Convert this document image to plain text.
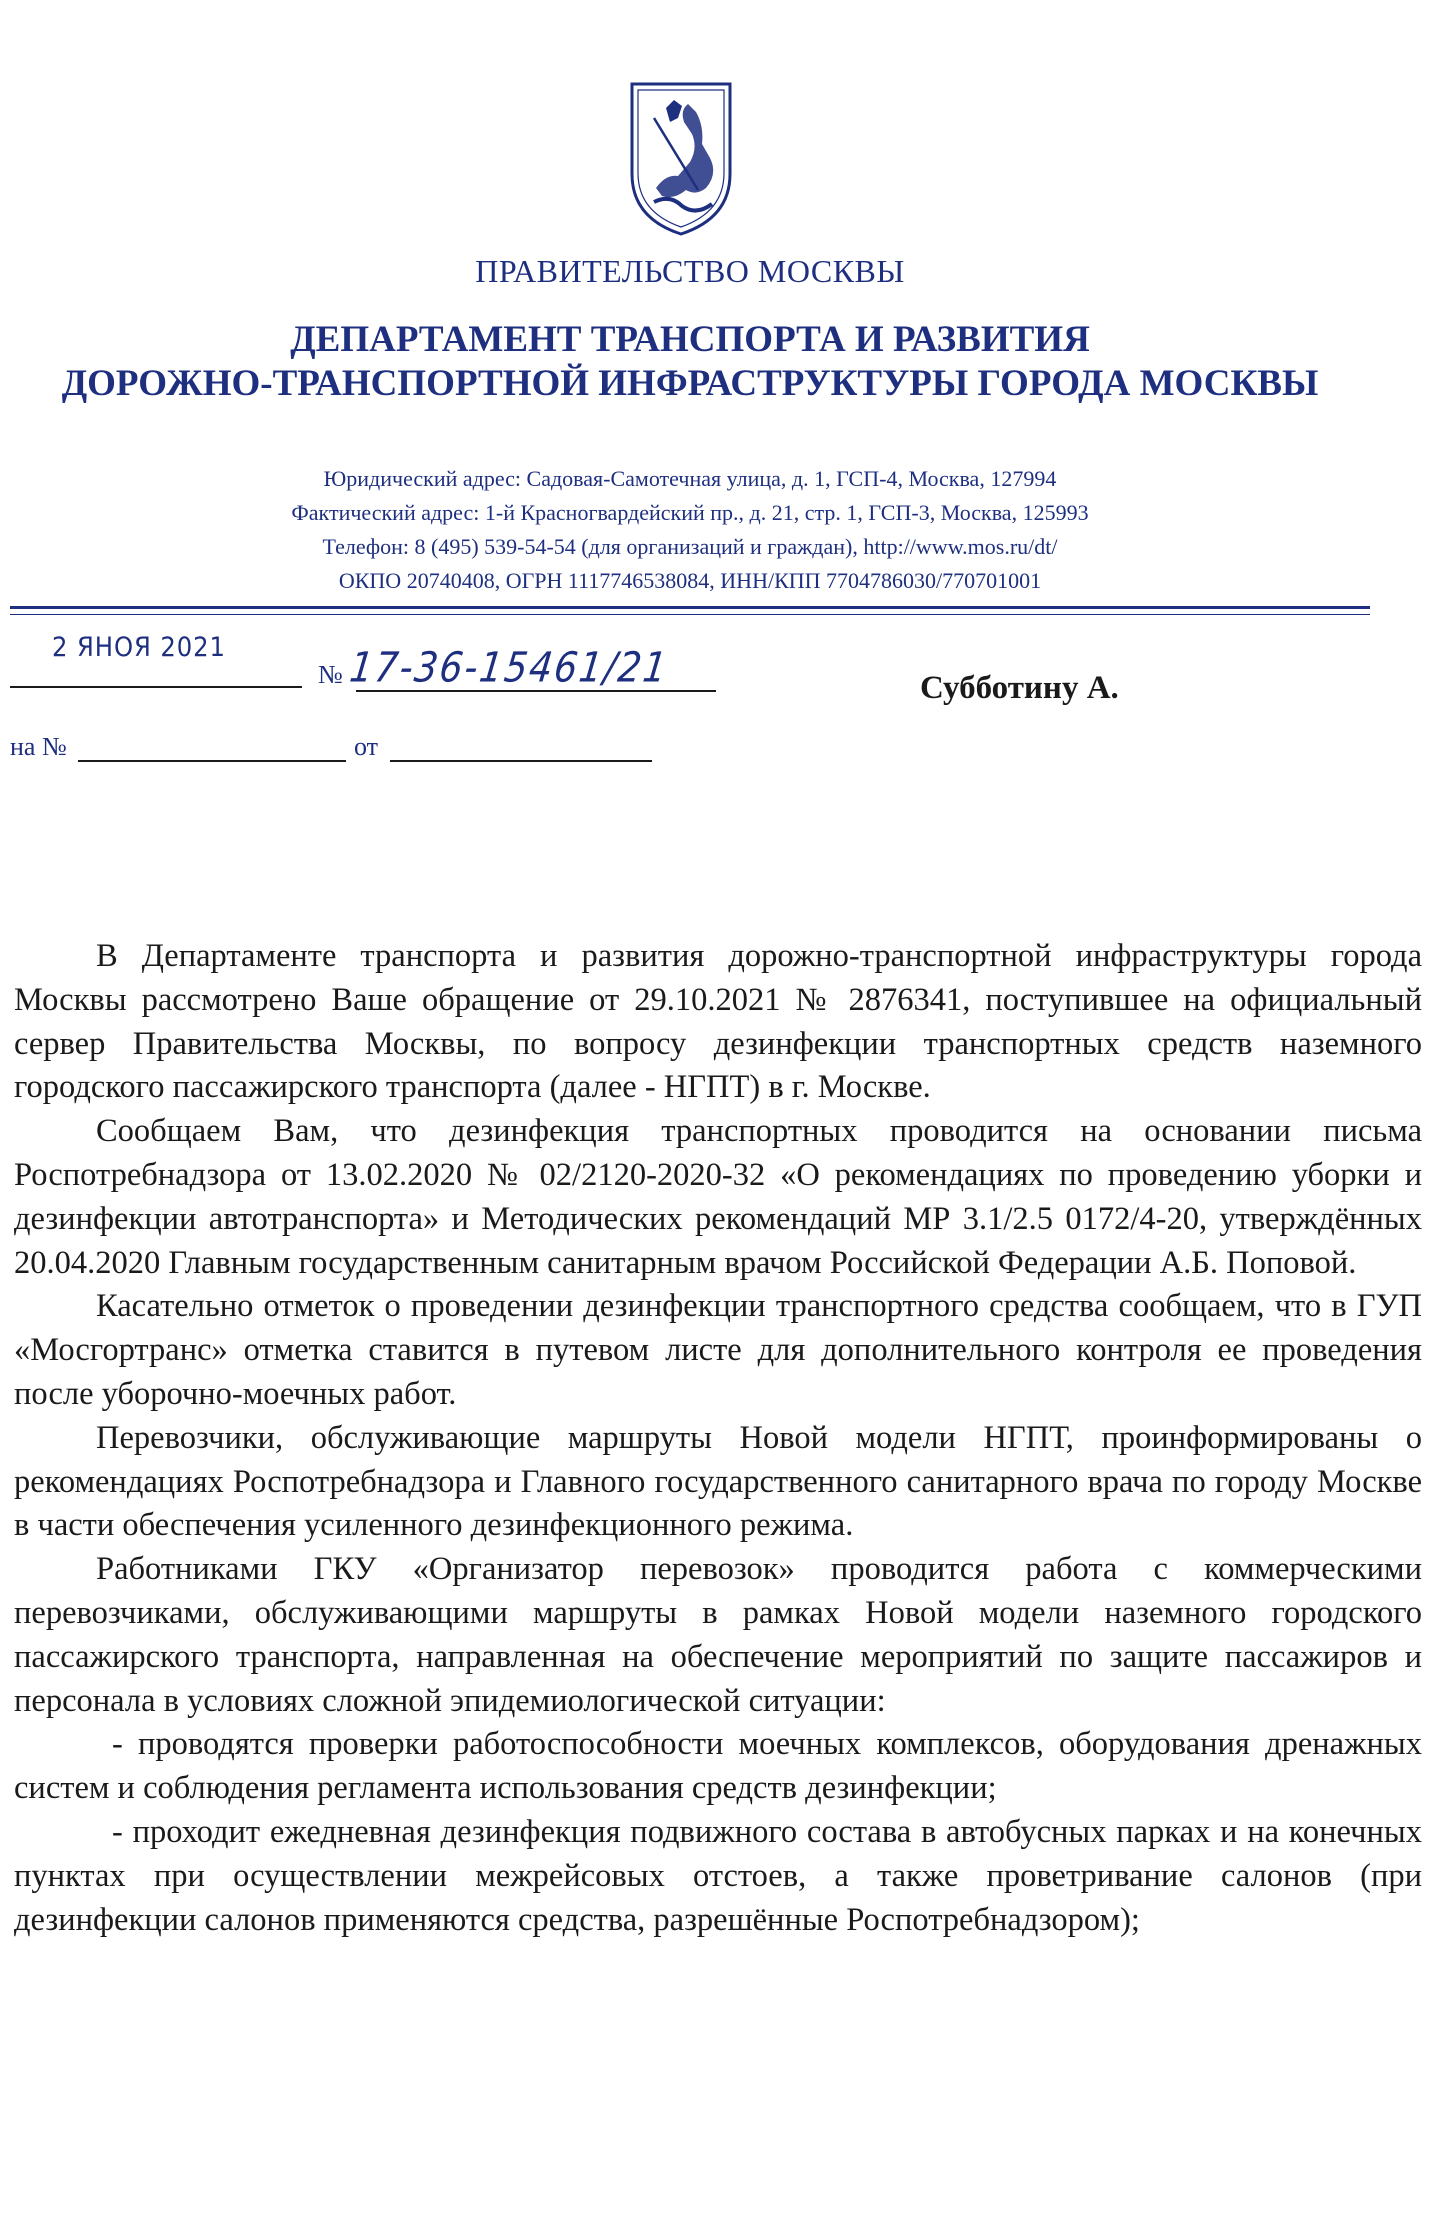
ПРАВИТЕЛЬСТВО МОСКВЫ
ДЕПАРТАМЕНТ ТРАНСПОРТА И РАЗВИТИЯ
ДОРОЖНО-ТРАНСПОРТНОЙ ИНФРАСТРУКТУРЫ ГОРОДА МОСКВЫ
Юридический адрес: Садовая-Самотечная улица, д. 1, ГСП-4, Москва, 127994
Фактический адрес: 1-й Красногвардейский пр., д. 21, стр. 1, ГСП-3, Москва, 125993
Телефон: 8 (495) 539-54-54 (для организаций и граждан), http://www.mos.ru/dt/
ОКПО 20740408, ОГРН 1117746538084, ИНН/КПП 7704786030/770701001
2 ЯНОЯ 2021
№ 17-36-15461/21
на №	от
Субботину А.

В Департаменте транспорта и развития дорожно-транспортной инфраструктуры города Москвы рассмотрено Ваше обращение от 29.10.2021 № 2876341, поступившее на официальный сервер Правительства Москвы, по вопросу дезинфекции транспортных средств наземного городского пассажирского транспорта (далее - НГПТ) в г. Москве.

Сообщаем Вам, что дезинфекция транспортных проводится на основании письма Роспотребнадзора от 13.02.2020 № 02/2120-2020-32 «О рекомендациях по проведению уборки и дезинфекции автотранспорта» и Методических рекомендаций МР 3.1/2.5 0172/4-20, утверждённых 20.04.2020 Главным государственным санитарным врачом Российской Федерации А.Б. Поповой.

Касательно отметок о проведении дезинфекции транспортного средства сообщаем, что в ГУП «Мосгортранс» отметка ставится в путевом листе для дополнительного контроля ее проведения после уборочно-моечных работ.

Перевозчики, обслуживающие маршруты Новой модели НГПТ, проинформированы о рекомендациях Роспотребнадзора и Главного государственного санитарного врача по городу Москве в части обеспечения усиленного дезинфекционного режима.

Работниками ГКУ «Организатор перевозок» проводится работа с коммерческими перевозчиками, обслуживающими маршруты в рамках Новой модели наземного городского пассажирского транспорта, направленная на обеспечение мероприятий по защите пассажиров и персонала в условиях сложной эпидемиологической ситуации:

- проводятся проверки работоспособности моечных комплексов, оборудования дренажных систем и соблюдения регламента использования средств дезинфекции;

- проходит ежедневная дезинфекция подвижного состава в автобусных парках и на конечных пунктах при осуществлении межрейсовых отстоев, а также проветривание салонов (при дезинфекции салонов применяются средства, разрешённые Роспотребнадзором);
